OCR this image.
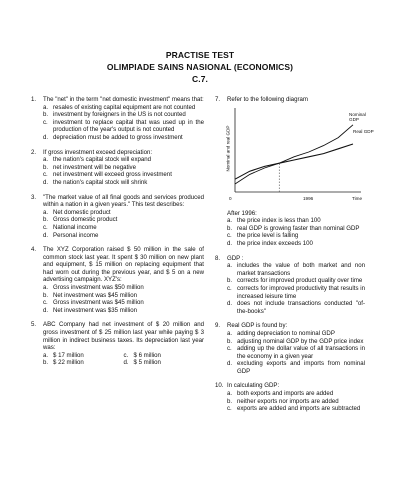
PRACTISE TEST
OLIMPIADE SAINS NASIONAL (ECONOMICS)
C.7.
1. The "net" in the term "net domestic investment" means that:
a. resales of existing capital equipment are not counted
b. investment by foreigners in the US is not counted
c. investment to replace capital that was used up in the production of the year's output is not counted
d. depreciation must be added to gross investment
2. If gross investment exceed depreciation:
a. the nation's capital stock will expand
b. net investment will be negative
c. net investment will exceed gross investment
d. the nation's capital stock will shrink
3. "The market value of all final goods and services produced within a nation in a given years." This test describes:
a. Net domestic product
b. Gross domestic product
c. National income
d. Personal income
4. The XYZ Corporation raised $ 50 million in the sale of common stock last year. It spent $ 30 million on new plant and equipment, $ 15 million on replacing equipment that had worn out during the previous year, and $ 5 on a new advertising campaign. XYZ's:
a. Gross investment was $50 million
b. Net investment was $45 million
c. Gross investment was $45 million
d. Net investment was $35 million
5. ABC Company had net investment of $ 20 million and gross investment of $ 25 million last year while paying $ 3 million in indirect business taxes. Its depreciation last year was:
a. $ 17 million	c. $ 6 million
b. $ 22 million	d. $ 5 million
7. Refer to the following diagram
Nominal GDP
Real GDP
0	1996	Time
Nominal and real GDP
After 1996:
a. the price index is less than 100
b. real GDP is growing faster than nominal GDP
c. the price level is falling
d. the price index exceeds 100
8. GDP :
a. includes the value of both market and non market transactions
b. corrects for improved product quality over time
c. corrects for improved productivity that results in increased leisure time
d. does not include transactions conducted "of-the-books"
9. Real GDP is found by:
a. adding depreciation to nominal GDP
b. adjusting nominal GDP by the GDP price index
c. adding up the dollar value of all transactions in the economy in a given year
d. excluding exports and imports from nominal GDP
10. In calculating GDP:
a. both exports and imports are added
b. neither exports nor imports are added
c. exports are added and imports are subtracted
